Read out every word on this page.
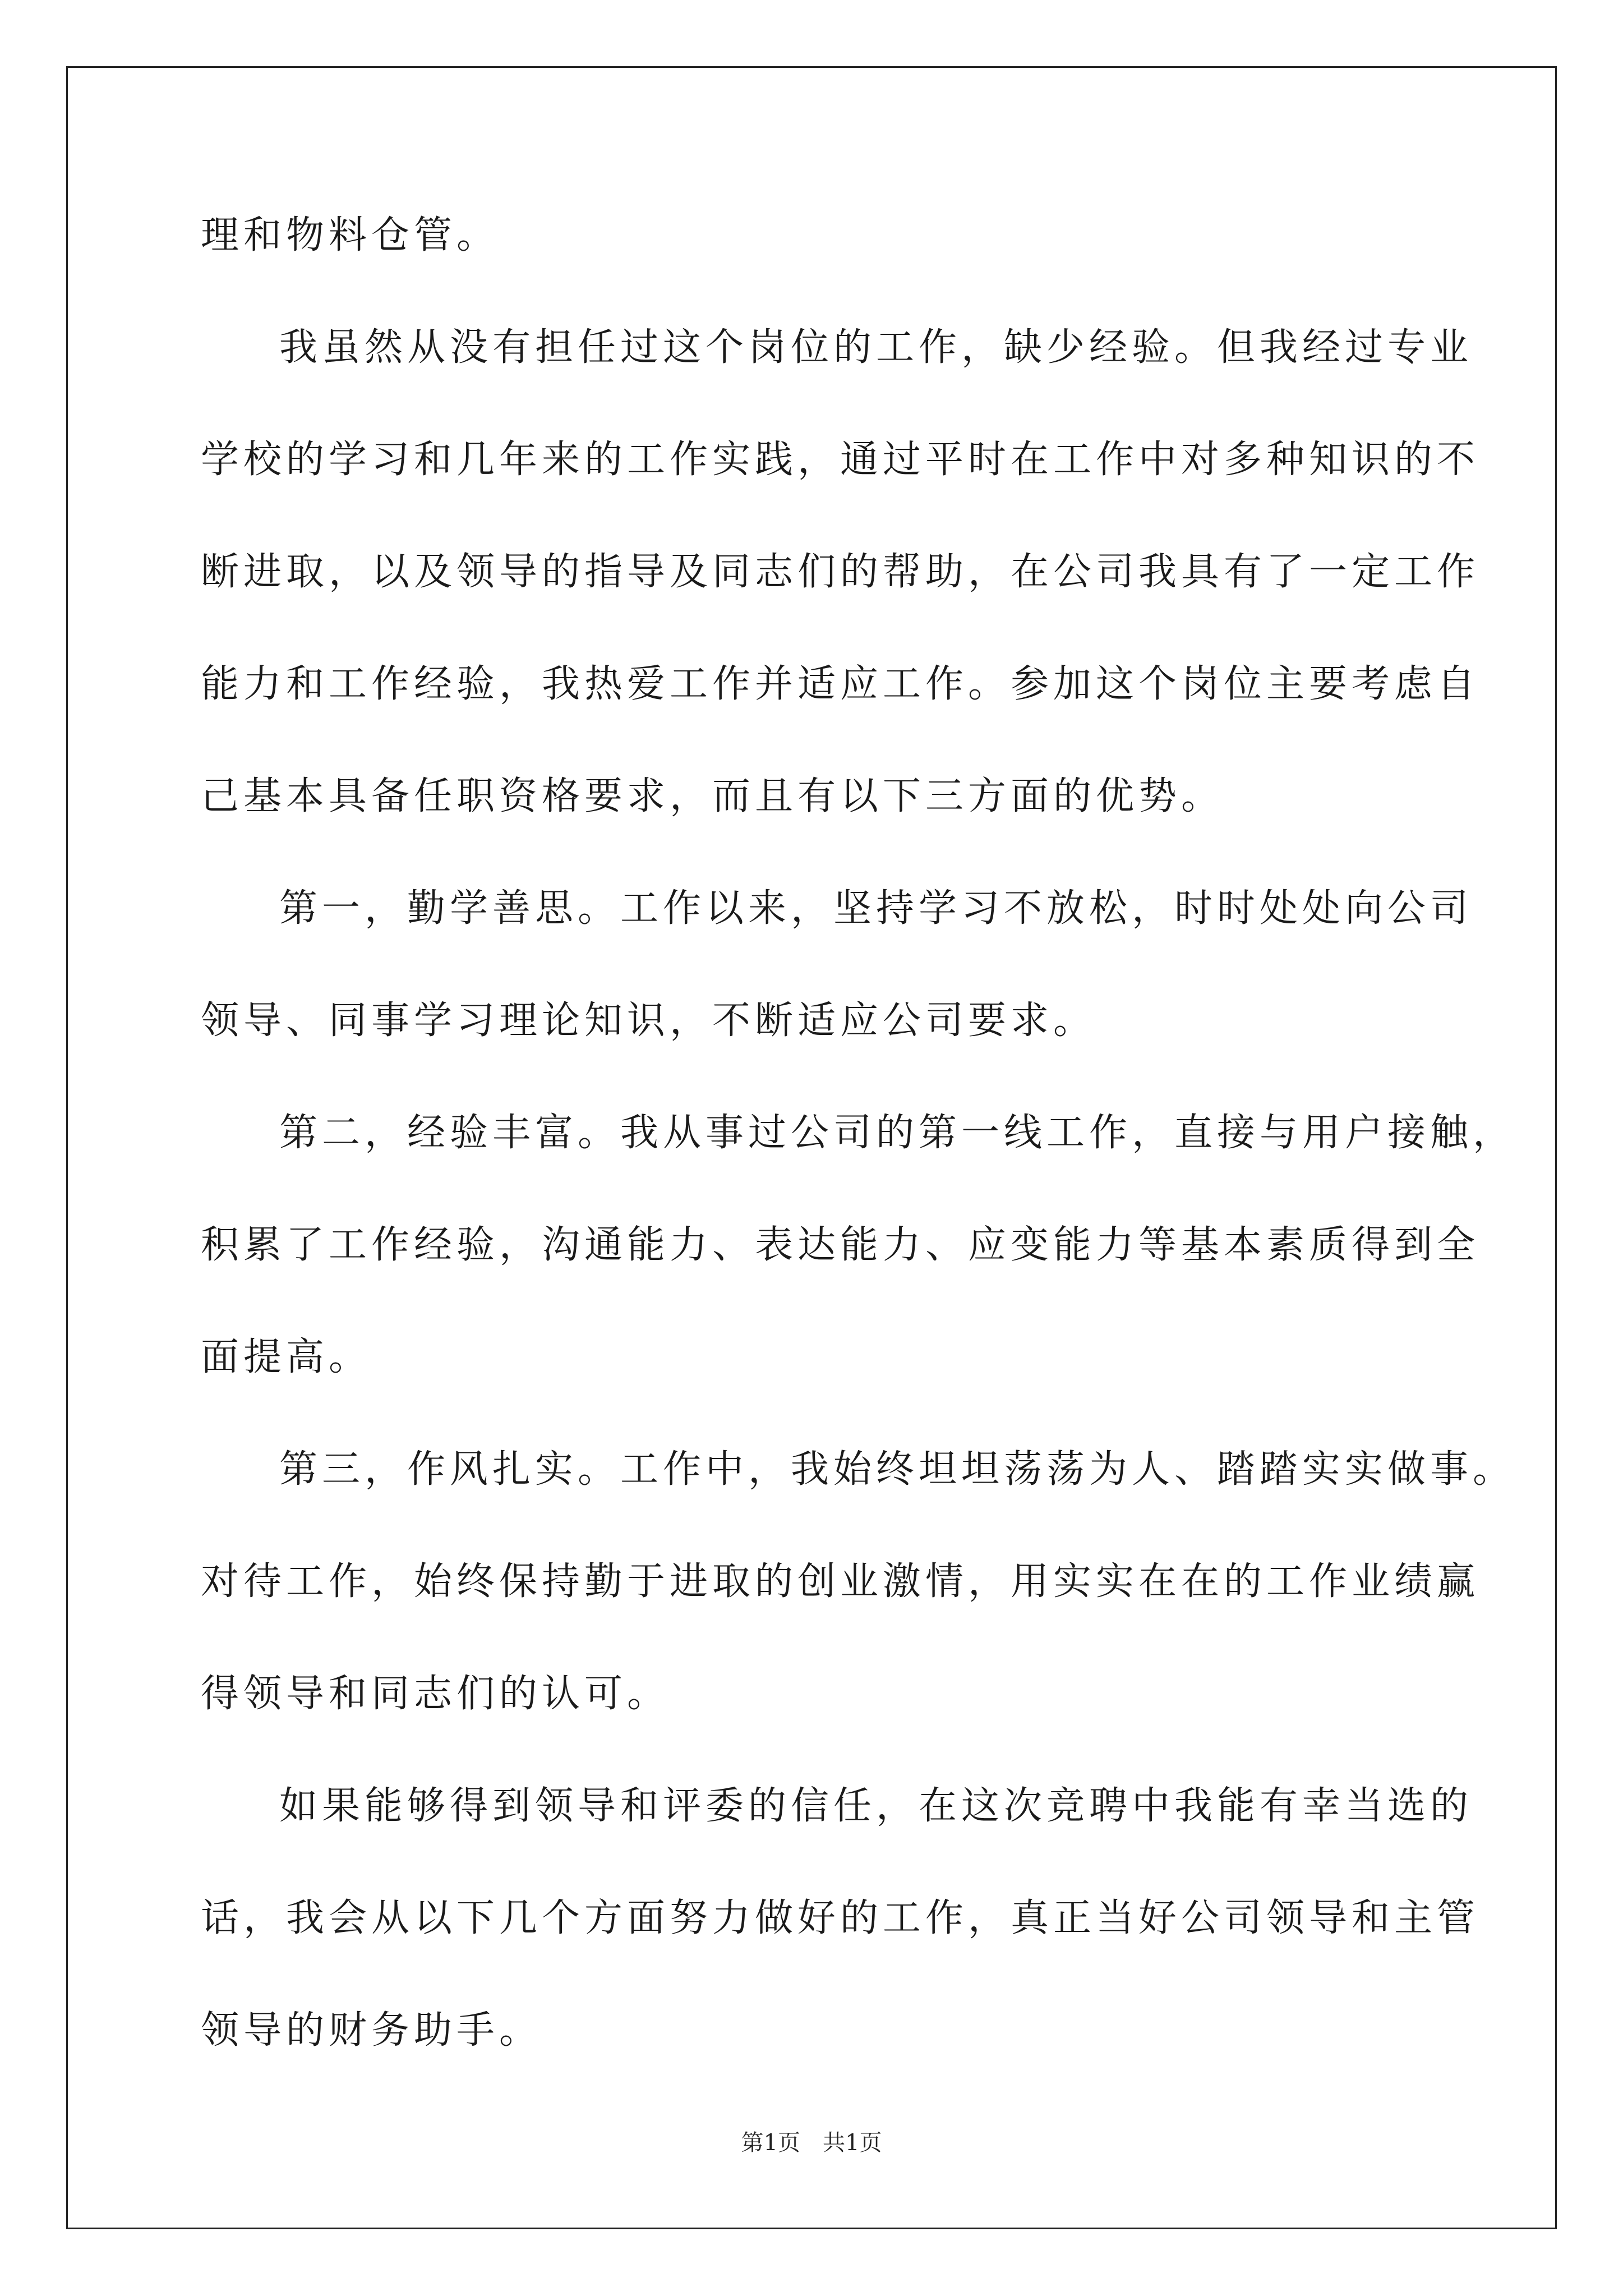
理和物料仓管。
我虽然从没有担任过这个岗位的工作，缺少经验。但我经过专业
学校的学习和几年来的工作实践，通过平时在工作中对多种知识的不
断进取，以及领导的指导及同志们的帮助，在公司我具有了一定工作
能力和工作经验，我热爱工作并适应工作。参加这个岗位主要考虑自
己基本具备任职资格要求，而且有以下三方面的优势。
第一，勤学善思。工作以来，坚持学习不放松，时时处处向公司
领导、同事学习理论知识，不断适应公司要求。
第二，经验丰富。我从事过公司的第一线工作，直接与用户接触，
积累了工作经验，沟通能力、表达能力、应变能力等基本素质得到全
面提高。
第三，作风扎实。工作中，我始终坦坦荡荡为人、踏踏实实做事。
对待工作，始终保持勤于进取的创业激情，用实实在在的工作业绩赢
得领导和同志们的认可。
如果能够得到领导和评委的信任，在这次竞聘中我能有幸当选的
话，我会从以下几个方面努力做好的工作，真正当好公司领导和主管
领导的财务助手。
第1页　共1页
